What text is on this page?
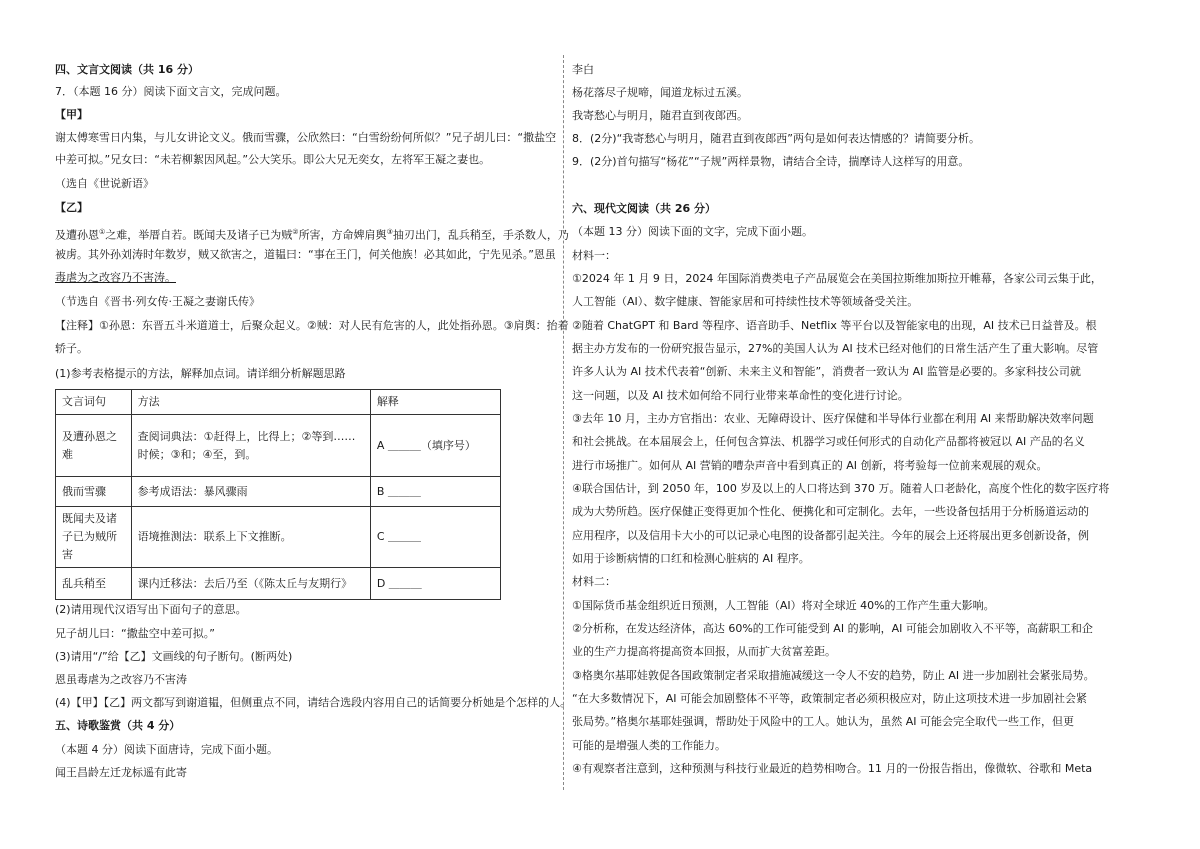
四、文言文阅读（共 16 分）
7．（本题 16 分）阅读下面文言文，完成问题。
【甲】
谢太傅寒雪日内集，与儿女讲论文义。俄而雪骤，公欣然曰：“白雪纷纷何所似？”兄子胡儿曰：“撒盐空
中差可拟。”兄女曰：“未若柳絮因风起。”公大笑乐。即公大兄无奕女，左将军王凝之妻也。
（选自《世说新语》
【乙】
及遭孙恩①之难，举厝自若。既闻夫及诸子已为贼②所害，方命婢肩舆③抽刃出门，乱兵稍至，手杀数人，乃
被虏。其外孙刘涛时年数岁，贼又欲害之，道韫曰：“事在王门，何关他族！必其如此，宁先见杀。”恩虽
毒虐为之改容乃不害涛。
（节选自《晋书·列女传·王凝之妻谢氏传》
【注释】①孙恩：东晋五斗米道道士，后聚众起义。②贼：对人民有危害的人，此处指孙恩。③肩舆：抬着
轿子。
(1)参考表格提示的方法，解释加点词。请详细分析解题思路
文言词句	方法	解释
及遭孙恩之难	查阅词典法：①赶得上，比得上；②等到……时候；③和；④至，到。	A ＿＿＿（填序号）
俄而雪骤	参考成语法：暴风骤雨	B ＿＿＿
既闻夫及诸子已为贼所害	语境推测法：联系上下文推断。	C ＿＿＿
乱兵稍至	课内迁移法：去后乃至（《陈太丘与友期行》	D ＿＿＿
(2)请用现代汉语写出下面句子的意思。
兄子胡儿曰：“撒盐空中差可拟。”
(3)请用“/”给【乙】文画线的句子断句。(断两处)
恩虽毒虐为之改容乃不害涛
(4)【甲】【乙】两文都写到谢道韫，但侧重点不同，请结合选段内容用自己的话简要分析她是个怎样的人。
五、诗歌鉴赏（共 4 分）
（本题 4 分）阅读下面唐诗，完成下面小题。
闻王昌龄左迁龙标遥有此寄
李白
杨花落尽子规啼，闻道龙标过五溪。
我寄愁心与明月，随君直到夜郎西。
8．(2分)“我寄愁心与明月，随君直到夜郎西”两句是如何表达情感的？请简要分析。
9．(2分)首句描写“杨花”“子规”两样景物，请结合全诗，揣摩诗人这样写的用意。
六、现代文阅读（共 26 分）
（本题 13 分）阅读下面的文字，完成下面小题。
材料一：
①2024 年 1 月 9 日，2024 年国际消费类电子产品展览会在美国拉斯维加斯拉开帷幕，各家公司云集于此，
人工智能（AI）、数字健康、智能家居和可持续性技术等领域备受关注。
②随着 ChatGPT 和 Bard 等程序、语音助手、Netflix 等平台以及智能家电的出现，AI 技术已日益普及。根
据主办方发布的一份研究报告显示，27%的美国人认为 AI 技术已经对他们的日常生活产生了重大影响。尽管
许多人认为 AI 技术代表着“创新、未来主义和智能”，消费者一致认为 AI 监管是必要的。多家科技公司就
这一问题，以及 AI 技术如何给不同行业带来革命性的变化进行讨论。
③去年 10 月，主办方官指出：农业、无障碍设计、医疗保健和半导体行业都在利用 AI 来帮助解决效率问题
和社会挑战。在本届展会上，任何包含算法、机器学习或任何形式的自动化产品都将被冠以 AI 产品的名义
进行市场推广。如何从 AI 营销的嘈杂声音中看到真正的 AI 创新，将考验每一位前来观展的观众。
④联合国估计，到 2050 年，100 岁及以上的人口将达到 370 万。随着人口老龄化，高度个性化的数字医疗将
成为大势所趋。医疗保健正变得更加个性化、便携化和可定制化。去年，一些设备包括用于分析肠道运动的
应用程序，以及信用卡大小的可以记录心电图的设备都引起关注。今年的展会上还将展出更多创新设备，例
如用于诊断病情的口红和检测心脏病的 AI 程序。
材料二：
①国际货币基金组织近日预测，人工智能（AI）将对全球近 40%的工作产生重大影响。
②分析称，在发达经济体，高达 60%的工作可能受到 AI 的影响，AI 可能会加剧收入不平等，高薪职工和企
业的生产力提高将提高资本回报，从而扩大贫富差距。
③格奥尔基耶娃敦促各国政策制定者采取措施减缓这一令人不安的趋势，防止 AI 进一步加剧社会紧张局势。
“在大多数情况下，AI 可能会加剧整体不平等，政策制定者必须积极应对，防止这项技术进一步加剧社会紧
张局势。”格奥尔基耶娃强调，帮助处于风险中的工人。她认为，虽然 AI 可能会完全取代一些工作，但更
可能的是增强人类的工作能力。
④有观察者注意到，这种预测与科技行业最近的趋势相吻合。11 月的一份报告指出，像微软、谷歌和 Meta
